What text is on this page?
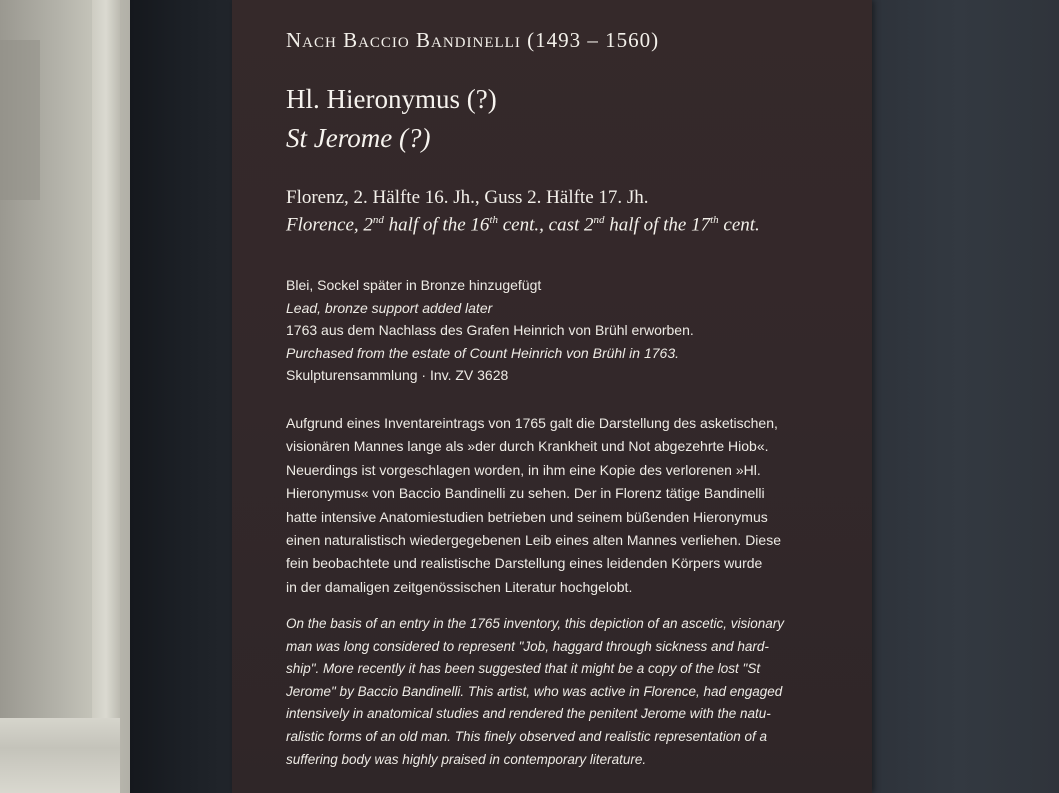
Nach Baccio Bandinelli (1493 – 1560)
Hl. Hieronymus (?)
St Jerome (?)
Florenz, 2. Hälfte 16. Jh., Guss 2. Hälfte 17. Jh.
Florence, 2nd half of the 16th cent., cast 2nd half of the 17th cent.
Blei, Sockel später in Bronze hinzugefügt
Lead, bronze support added later
1763 aus dem Nachlass des Grafen Heinrich von Brühl erworben.
Purchased from the estate of Count Heinrich von Brühl in 1763.
Skulpturensammlung · Inv. ZV 3628
Aufgrund eines Inventareintrags von 1765 galt die Darstellung des asketischen,
visionären Mannes lange als »der durch Krankheit und Not abgezehrte Hiob«.
Neuerdings ist vorgeschlagen worden, in ihm eine Kopie des verlorenen »Hl.
Hieronymus« von Baccio Bandinelli zu sehen. Der in Florenz tätige Bandinelli
hatte intensive Anatomiestudien betrieben und seinem büßenden Hieronymus
einen naturalistisch wiedergegebenen Leib eines alten Mannes verliehen. Diese
fein beobachtete und realistische Darstellung eines leidenden Körpers wurde
in der damaligen zeitgenössischen Literatur hochgelobt.
On the basis of an entry in the 1765 inventory, this depiction of an ascetic, visionary
man was long considered to represent "Job, haggard through sickness and hard-
ship". More recently it has been suggested that it might be a copy of the lost "St
Jerome" by Baccio Bandinelli. This artist, who was active in Florence, had engaged
intensively in anatomical studies and rendered the penitent Jerome with the natu-
ralistic forms of an old man. This finely observed and realistic representation of a
suffering body was highly praised in contemporary literature.
